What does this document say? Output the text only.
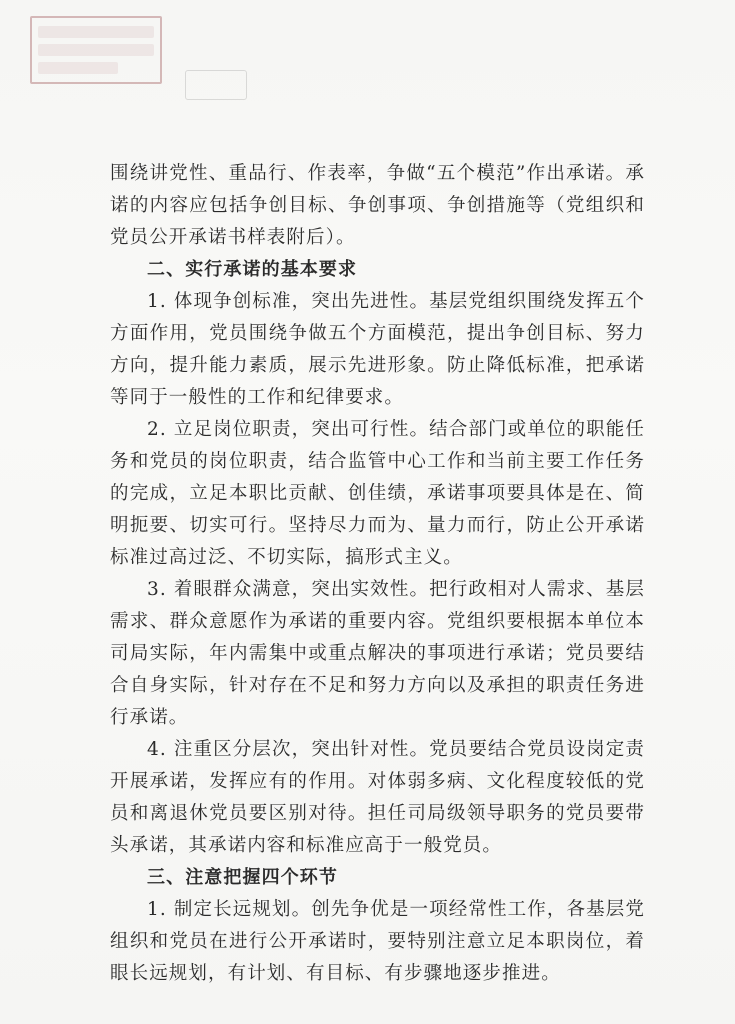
围绕讲党性、重品行、作表率，争做“五个模范”作出承诺。承诺的内容应包括争创目标、争创事项、争创措施等（党组织和党员公开承诺书样表附后）。

二、实行承诺的基本要求

1. 体现争创标准，突出先进性。基层党组织围绕发挥五个方面作用，党员围绕争做五个方面模范，提出争创目标、努力方向，提升能力素质，展示先进形象。防止降低标准，把承诺等同于一般性的工作和纪律要求。

2. 立足岗位职责，突出可行性。结合部门或单位的职能任务和党员的岗位职责，结合监管中心工作和当前主要工作任务的完成，立足本职比贡献、创佳绩，承诺事项要具体是在、简明扼要、切实可行。坚持尽力而为、量力而行，防止公开承诺标准过高过泛、不切实际，搞形式主义。

3. 着眼群众满意，突出实效性。把行政相对人需求、基层需求、群众意愿作为承诺的重要内容。党组织要根据本单位本司局实际，年内需集中或重点解决的事项进行承诺；党员要结合自身实际，针对存在不足和努力方向以及承担的职责任务进行承诺。

4. 注重区分层次，突出针对性。党员要结合党员设岗定责开展承诺，发挥应有的作用。对体弱多病、文化程度较低的党员和离退休党员要区别对待。担任司局级领导职务的党员要带头承诺，其承诺内容和标准应高于一般党员。

三、注意把握四个环节

1. 制定长远规划。创先争优是一项经常性工作，各基层党组织和党员在进行公开承诺时，要特别注意立足本职岗位，着眼长远规划，有计划、有目标、有步骤地逐步推进。
